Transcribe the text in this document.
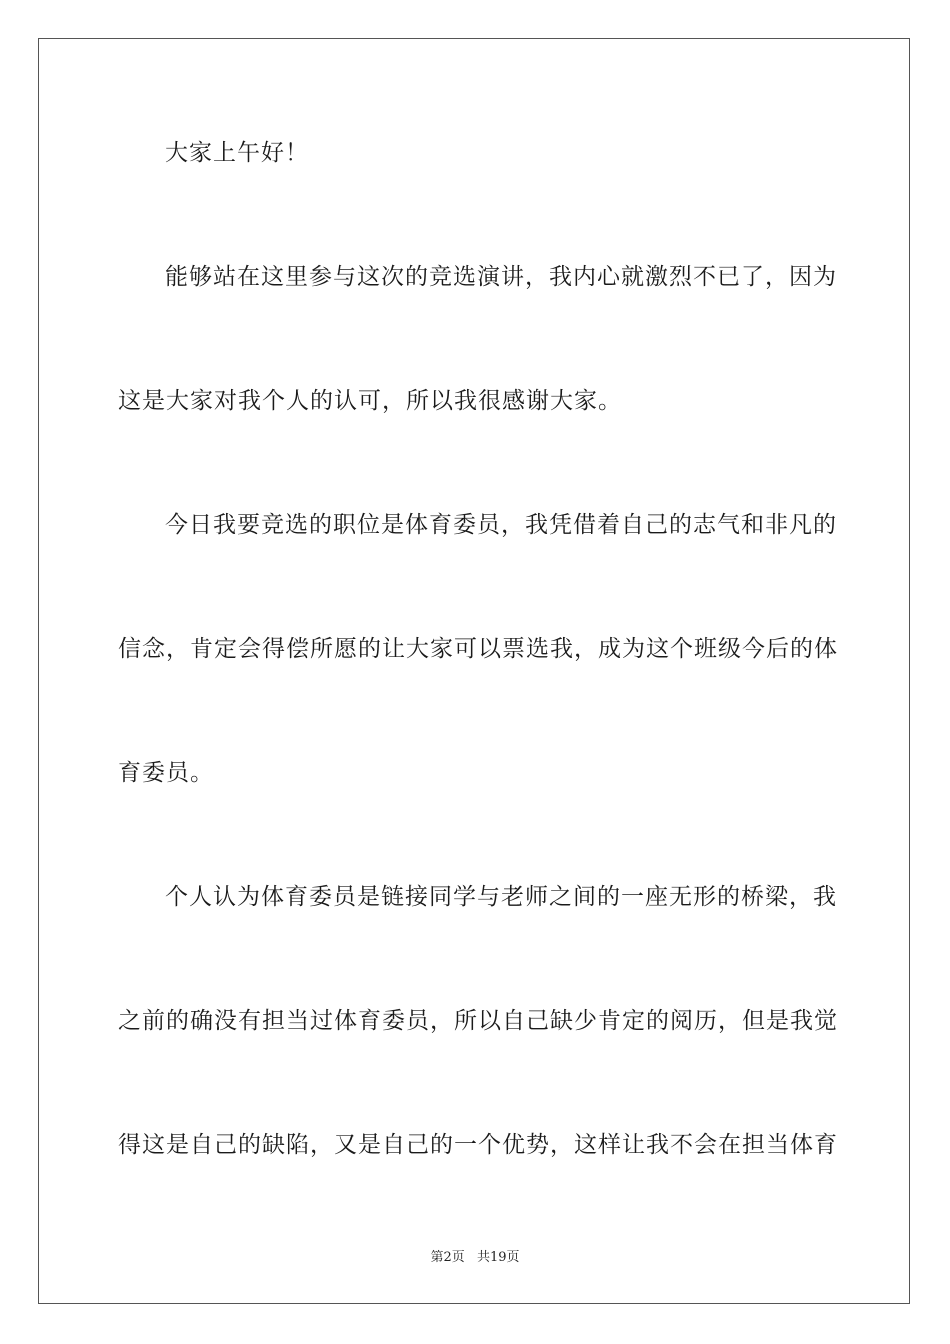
大家上午好！
能够站在这里参与这次的竞选演讲，我内心就激烈不已了，因为
这是大家对我个人的认可，所以我很感谢大家。
今日我要竞选的职位是体育委员，我凭借着自己的志气和非凡的
信念，肯定会得偿所愿的让大家可以票选我，成为这个班级今后的体
育委员。
个人认为体育委员是链接同学与老师之间的一座无形的桥梁，我
之前的确没有担当过体育委员，所以自己缺少肯定的阅历，但是我觉
得这是自己的缺陷，又是自己的一个优势，这样让我不会在担当体育
第2页 共19页
